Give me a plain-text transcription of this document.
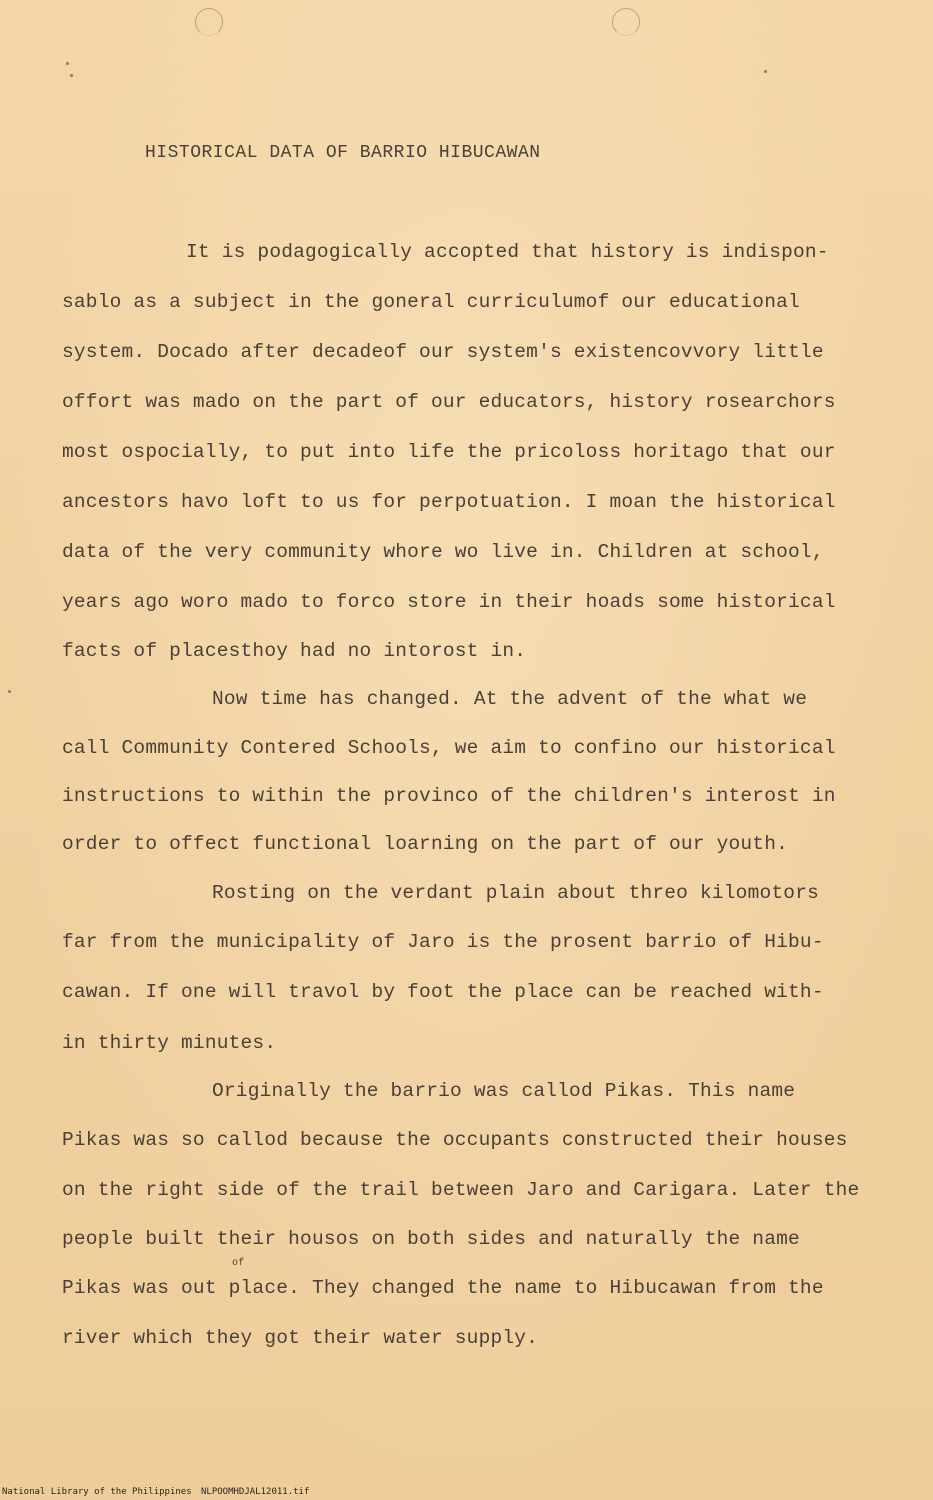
HISTORICAL DATA OF BARRIO HIBUCAWAN
It is podagogically accopted that history is indispon-
sablo as a subject in the goneral curriculumof our educational
system. Docado after decadeof our system's existencovvory little
offort was mado on the part of our educators, history rosearchors
most ospocially, to put into life the pricoloss horitago that our
ancestors havo loft to us for perpotuation. I moan the historical
data of the very community whore wo live in. Children at school,
years ago woro mado to forco store in their hoads some historical
facts of placesthoy had no intorost in.
Now time has changed. At the advent of the what we
call Community Contered Schools, we aim to confino our historical
instructions to within the provinco of the children's interost in
order to offect functional loarning on the part of our youth.
Rosting on the verdant plain about threo kilomotors
far from the municipality of Jaro is the prosent barrio of Hibu-
cawan. If one will travol by foot the place can be reached with-
in thirty minutes.
Originally the barrio was callod Pikas. This name
Pikas was so callod because the occupants constructed their houses
on the right side of the trail between Jaro and Carigara. Later the
people built their housos on both sides and naturally the name
of
Pikas was out place. They changed the name to Hibucawan from the
river which they got their water supply.
National Library of the Philippines NLPOOMHDJAL12011.tif
